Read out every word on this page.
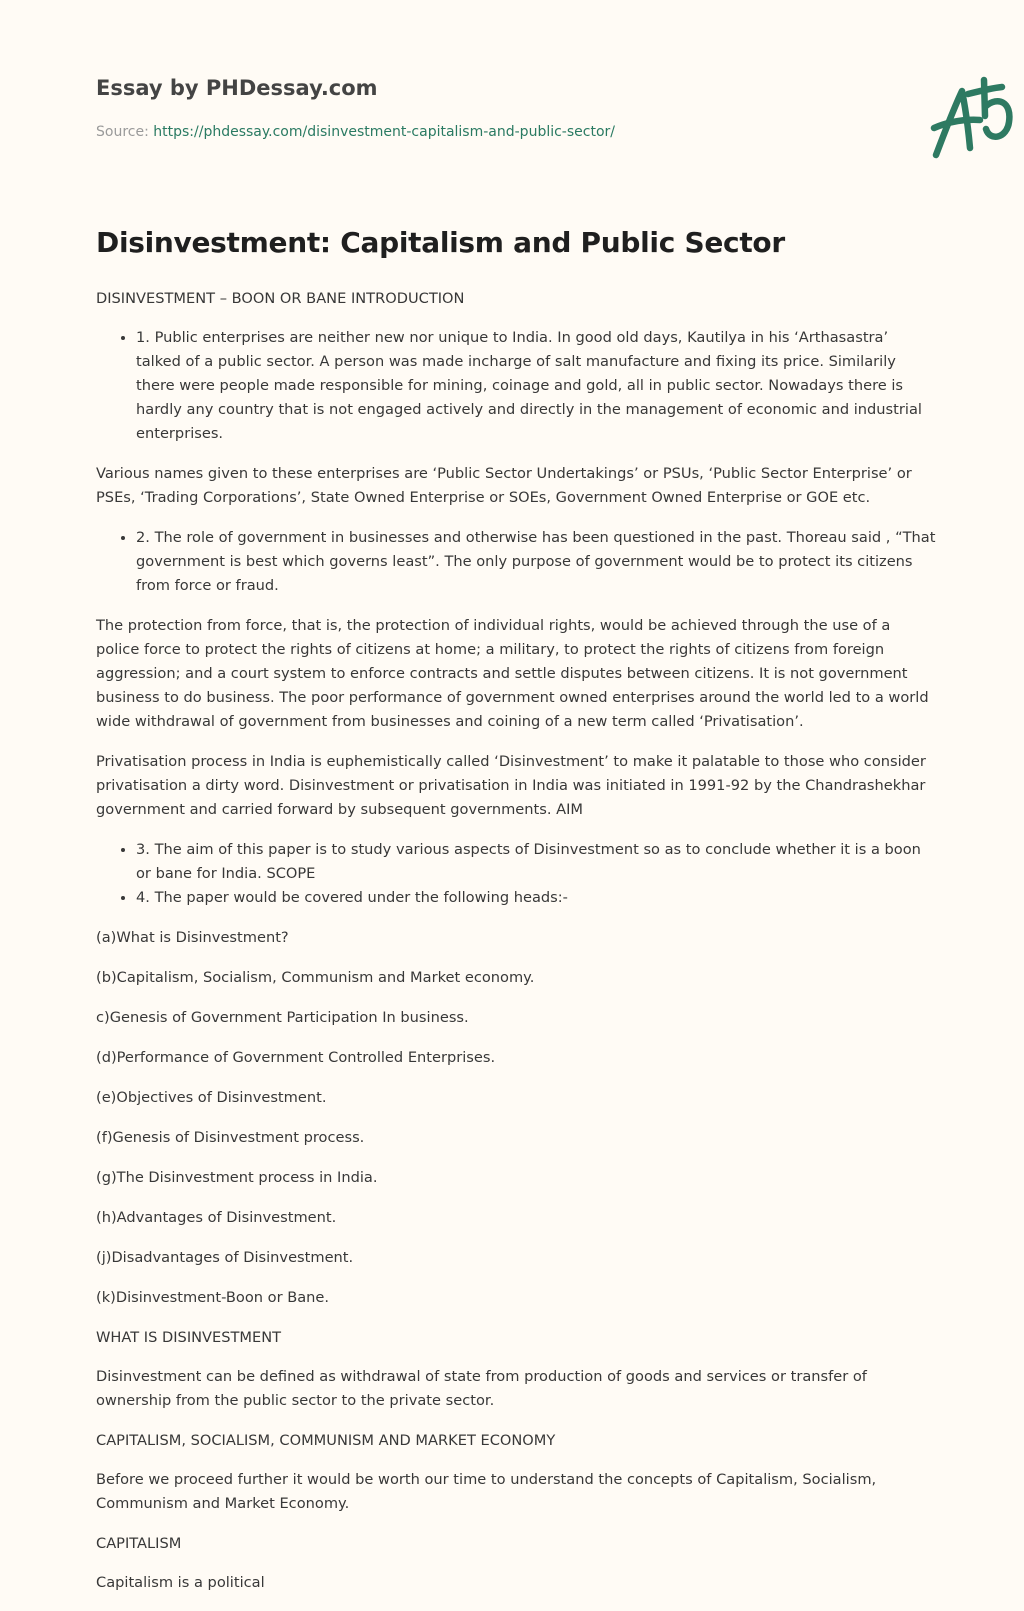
Essay by PHDessay.com
Source: https://phdessay.com/disinvestment-capitalism-and-public-sector/
Disinvestment: Capitalism and Public Sector

DISINVESTMENT – BOON OR BANE INTRODUCTION

• 1. Public enterprises are neither new nor unique to India. In good old days, Kautilya in his ‘Arthasastra’ talked of a public sector. A person was made incharge of salt manufacture and fixing its price. Similarily there were people made responsible for mining, coinage and gold, all in public sector. Nowadays there is hardly any country that is not engaged actively and directly in the management of economic and industrial enterprises.

Various names given to these enterprises are ‘Public Sector Undertakings’ or PSUs, ‘Public Sector Enterprise’ or PSEs, ‘Trading Corporations’, State Owned Enterprise or SOEs, Government Owned Enterprise or GOE etc.

• 2. The role of government in businesses and otherwise has been questioned in the past. Thoreau said , “That government is best which governs least”. The only purpose of government would be to protect its citizens from force or fraud.

The protection from force, that is, the protection of individual rights, would be achieved through the use of a police force to protect the rights of citizens at home; a military, to protect the rights of citizens from foreign aggression; and a court system to enforce contracts and settle disputes between citizens. It is not government business to do business. The poor performance of government owned enterprises around the world led to a world wide withdrawal of government from businesses and coining of a new term called ‘Privatisation’.

Privatisation process in India is euphemistically called ‘Disinvestment’ to make it palatable to those who consider privatisation a dirty word. Disinvestment or privatisation in India was initiated in 1991-92 by the Chandrashekhar government and carried forward by subsequent governments. AIM

• 3. The aim of this paper is to study various aspects of Disinvestment so as to conclude whether it is a boon or bane for India. SCOPE
• 4. The paper would be covered under the following heads:-

(a)What is Disinvestment?

(b)Capitalism, Socialism, Communism and Market economy.

c)Genesis of Government Participation In business.

(d)Performance of Government Controlled Enterprises.

(e)Objectives of Disinvestment.

(f)Genesis of Disinvestment process.

(g)The Disinvestment process in India.

(h)Advantages of Disinvestment.

(j)Disadvantages of Disinvestment.

(k)Disinvestment-Boon or Bane.

WHAT IS DISINVESTMENT

Disinvestment can be defined as withdrawal of state from production of goods and services or transfer of ownership from the public sector to the private sector.

CAPITALISM, SOCIALISM, COMMUNISM AND MARKET ECONOMY

Before we proceed further it would be worth our time to understand the concepts of Capitalism, Socialism, Communism and Market Economy.

CAPITALISM

Capitalism is a political
